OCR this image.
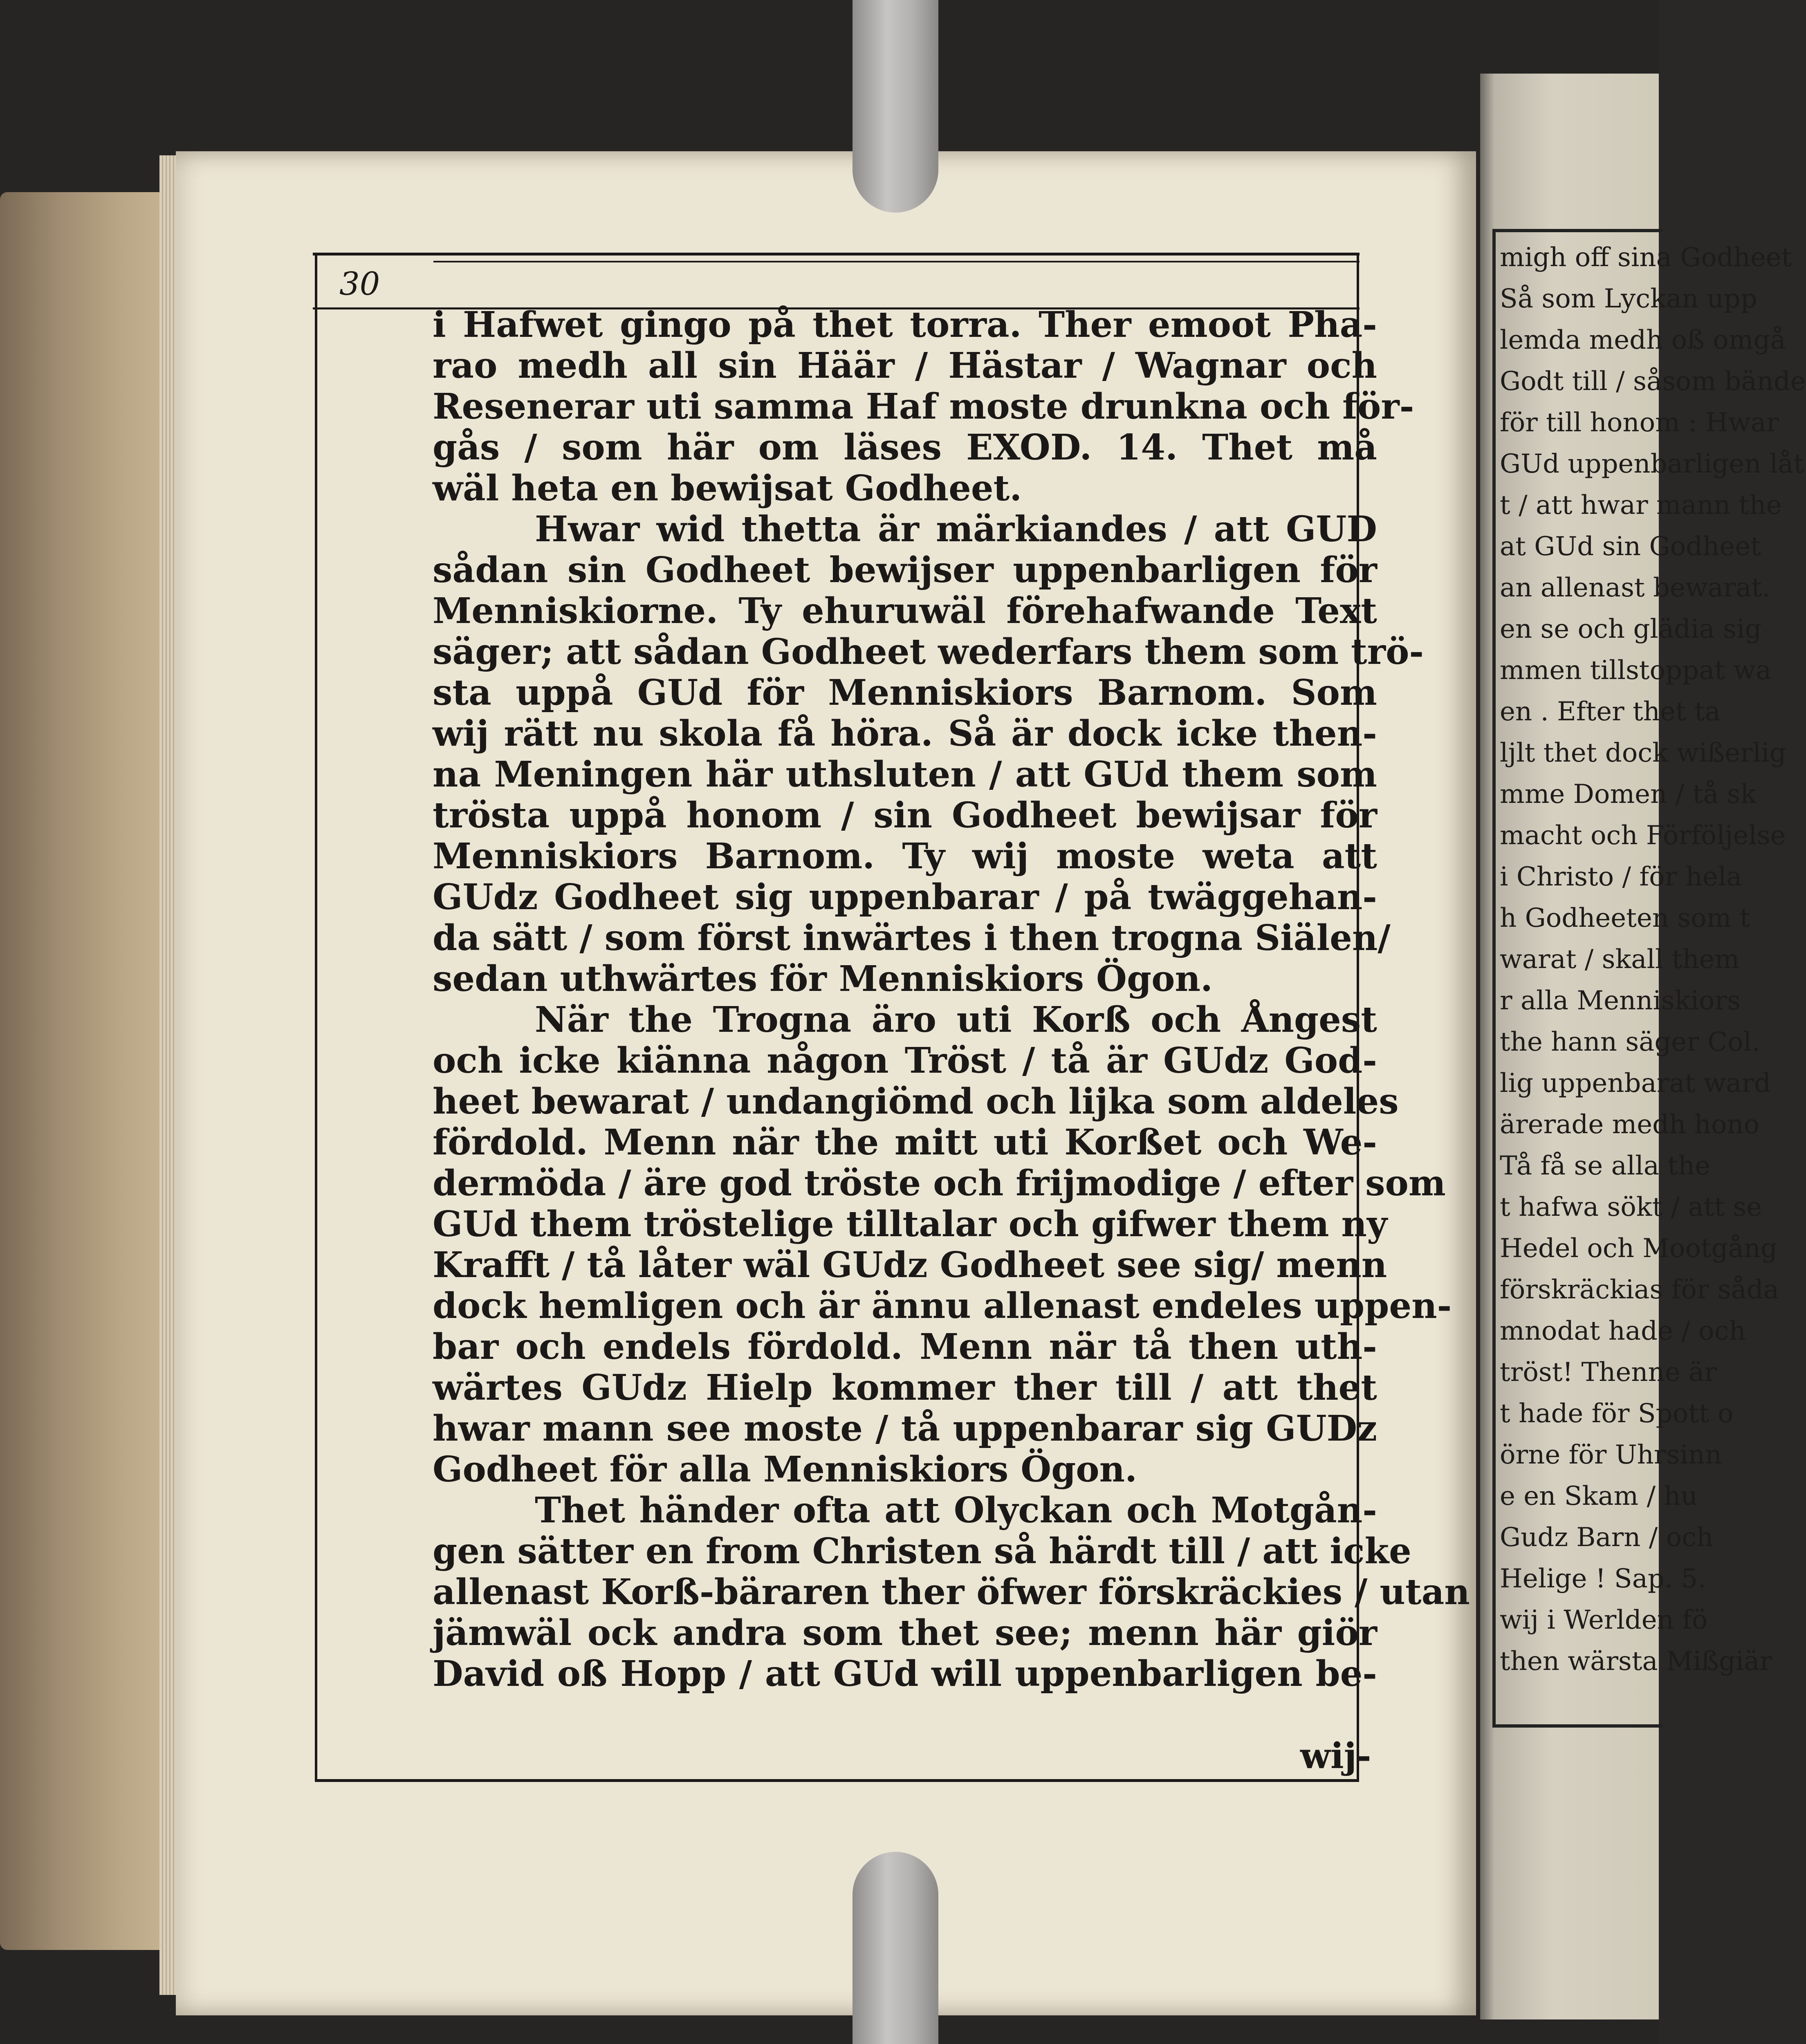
migh off sina Godheet
Så som Lyckan upp
lemda medh oß omgå
Godt till / såsom bände
för till honom : Hwar
GUd uppenbarligen låt
t / att hwar mann the
at GUd sin Godheet
an allenast bewarat.
en se och glädia sig
mmen tillstoppat wa
en . Efter thet ta
ljlt thet dock wißerlig
mme Domen / tå sk
macht och Förföljelse
i Christo / för hela
h Godheeten som t
warat / skall them
r alla Menniskiors
the hann säger Col.
lig uppenbarat ward
ärerade medh hono
Tå få se alla the
t hafwa sökt / att se
Hedel och Mootgång
förskräckias för såda
mnodat hade / och
tröst! Thenne är
t hade för Spott o
örne för Uhrsinn
e en Skam / hu
Gudz Barn / och
Helige ! Sap. 5.
wij i Werlden fö
then wärsta Mißgiär
30
i Hafwet gingo på thet torra. Ther emoot Pha-
rao medh all sin Häär / Hästar / Wagnar och
Resenerar uti samma Haf moste drunkna och för-
gås / som här om läses EXOD. 14. Thet må
wäl heta en bewijsat Godheet.
Hwar wid thetta är märkiandes / att GUD
sådan sin Godheet bewijser uppenbarligen för
Menniskiorne. Ty ehuruwäl förehafwande Text
säger; att sådan Godheet wederfars them som trö-
sta uppå GUd för Menniskiors Barnom. Som
wij rätt nu skola få höra. Så är dock icke then-
na Meningen här uthsluten / att GUd them som
trösta uppå honom / sin Godheet bewijsar för
Menniskiors Barnom. Ty wij moste weta att
GUdz Godheet sig uppenbarar / på twäggehan-
da sätt / som först inwärtes i then trogna Siälen/
sedan uthwärtes för Menniskiors Ögon.
När the Trogna äro uti Korß och Ångest
och icke kiänna någon Tröst / tå är GUdz God-
heet bewarat / undangiömd och lijka som aldeles
fördold. Menn när the mitt uti Korßet och We-
dermöda / äre god tröste och frijmodige / efter som
GUd them tröstelige tilltalar och gifwer them ny
Krafft / tå låter wäl GUdz Godheet see sig/ menn
dock hemligen och är ännu allenast endeles uppen-
bar och endels fördold. Menn när tå then uth-
wärtes GUdz Hielp kommer ther till / att thet
hwar mann see moste / tå uppenbarar sig GUDz
Godheet för alla Menniskiors Ögon.
Thet händer ofta att Olyckan och Motgån-
gen sätter en from Christen så härdt till / att icke
allenast Korß-bäraren ther öfwer förskräckies / utan
jämwäl ock andra som thet see; menn här giör
David oß Hopp / att GUd will uppenbarligen be-
wij-
